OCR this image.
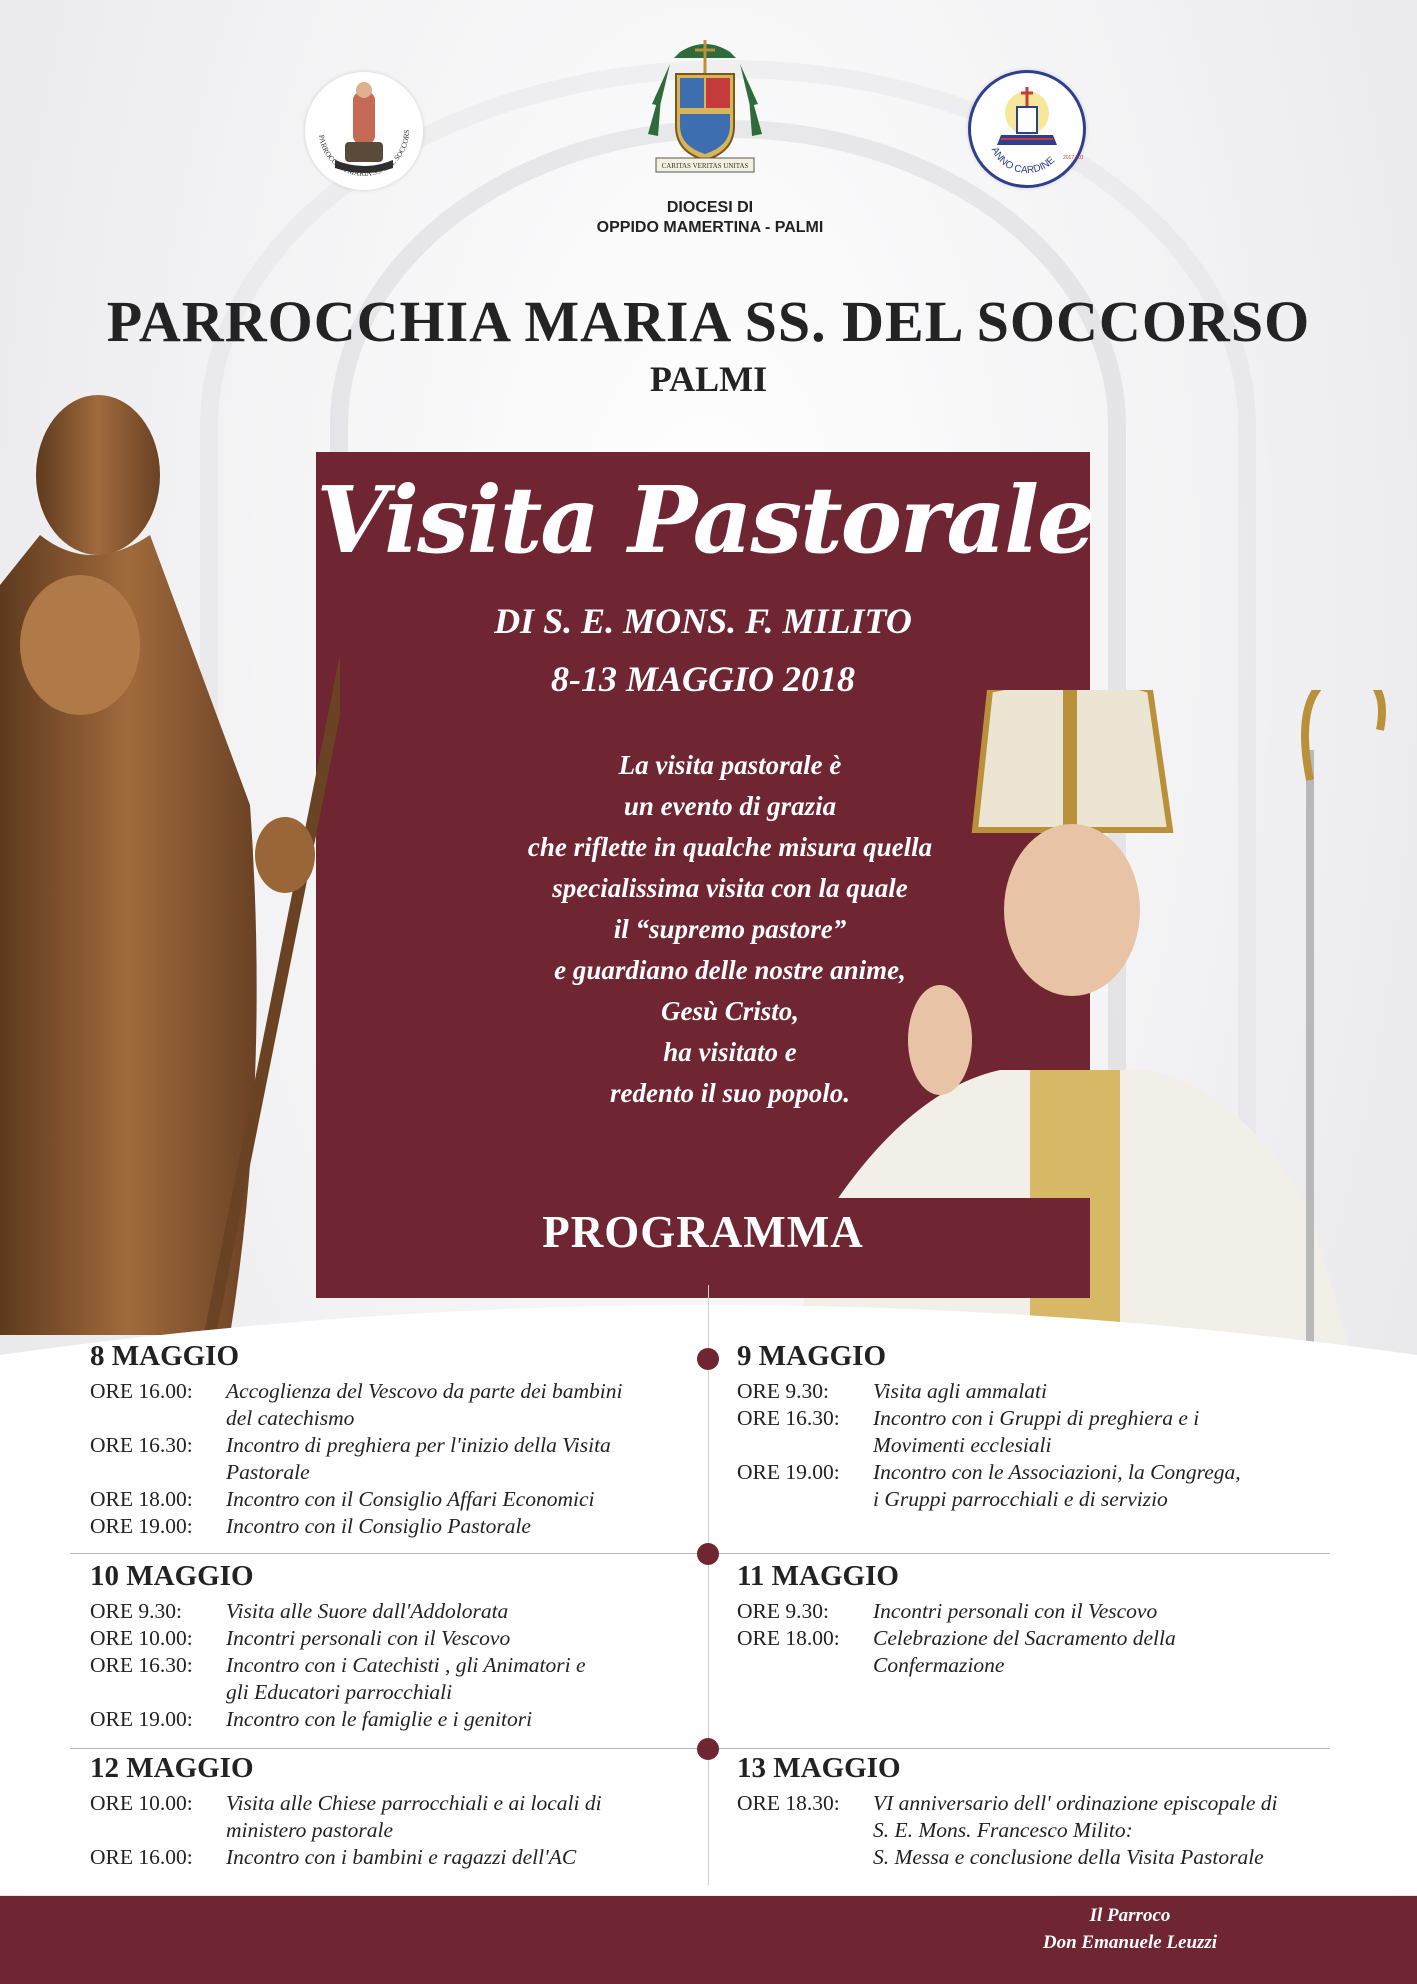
PARROCCHIA MARIA SS. DEL SOCCORS
CARITAS VERITAS UNITAS
DIOCESI DI
OPPIDO MAMERTINA - PALMI
ANNO CARDINE 2017 20
PARROCCHIA MARIA SS. DEL SOCCORSO
PALMI
Visita Pastorale
DI S. E. MONS. F. MILITO
8-13 MAGGIO 2018
La visita pastorale è
un evento di grazia
che riflette in qualche misura quella
specialissima visita con la quale
il “supremo pastore”
e guardiano delle nostre anime,
Gesù Cristo,
ha visitato e
redento il suo popolo.
PROGRAMMA
8 MAGGIO
ORE 16.00: Accoglienza del Vescovo da parte dei bambini
del catechismo
ORE 16.30: Incontro di preghiera per l'inizio della Visita
Pastorale
ORE 18.00: Incontro con il Consiglio Affari Economici
ORE 19.00: Incontro con il Consiglio Pastorale
9 MAGGIO
ORE 9.30: Visita agli ammalati
ORE 16.30: Incontro con i Gruppi di preghiera e i
Movimenti ecclesiali
ORE 19.00: Incontro con le Associazioni, la Congrega,
i Gruppi parrocchiali e di servizio
10 MAGGIO
ORE 9.30: Visita alle Suore dall'Addolorata
ORE 10.00: Incontri personali con il Vescovo
ORE 16.30: Incontro con i Catechisti , gli Animatori e
gli Educatori parrocchiali
ORE 19.00: Incontro con le famiglie e i genitori
11 MAGGIO
ORE 9.30: Incontri personali con il Vescovo
ORE 18.00: Celebrazione del Sacramento della
Confermazione
12 MAGGIO
ORE 10.00: Visita alle Chiese parrocchiali e ai locali di
ministero pastorale
ORE 16.00: Incontro con i bambini e ragazzi dell'AC
13 MAGGIO
ORE 18.30: VI anniversario dell' ordinazione episcopale di
S. E. Mons. Francesco Milito:
S. Messa e conclusione della Visita Pastorale
Il Parroco
Don Emanuele Leuzzi
